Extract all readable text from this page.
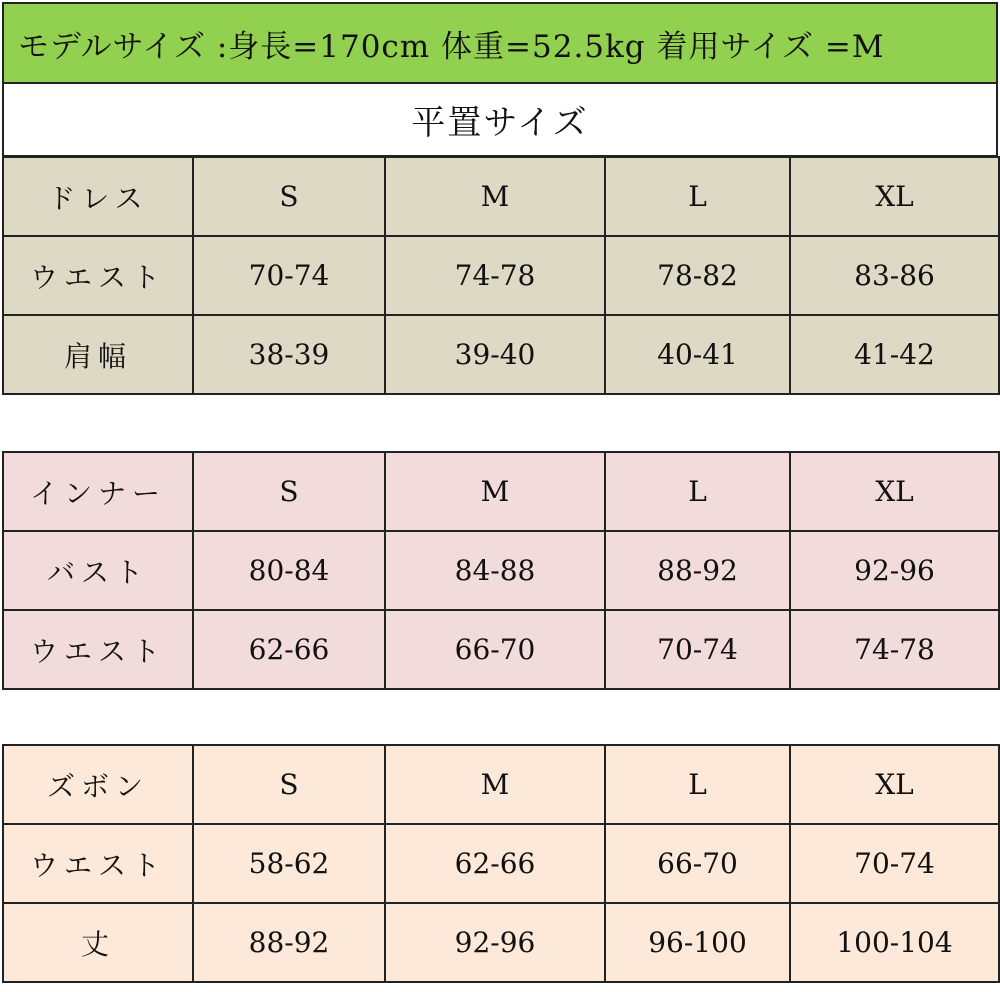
モデルサイズ :身長=170cm 体重=52.5kg 着用サイズ =M
平置サイズ
ドレス	S	M	L	XL
ウエスト	70-74	74-78	78-82	83-86
肩幅	38-39	39-40	40-41	41-42
インナー	S	M	L	XL
バスト	80-84	84-88	88-92	92-96
ウエスト	62-66	66-70	70-74	74-78
ズボン	S	M	L	XL
ウエスト	58-62	62-66	66-70	70-74
丈	88-92	92-96	96-100	100-104
